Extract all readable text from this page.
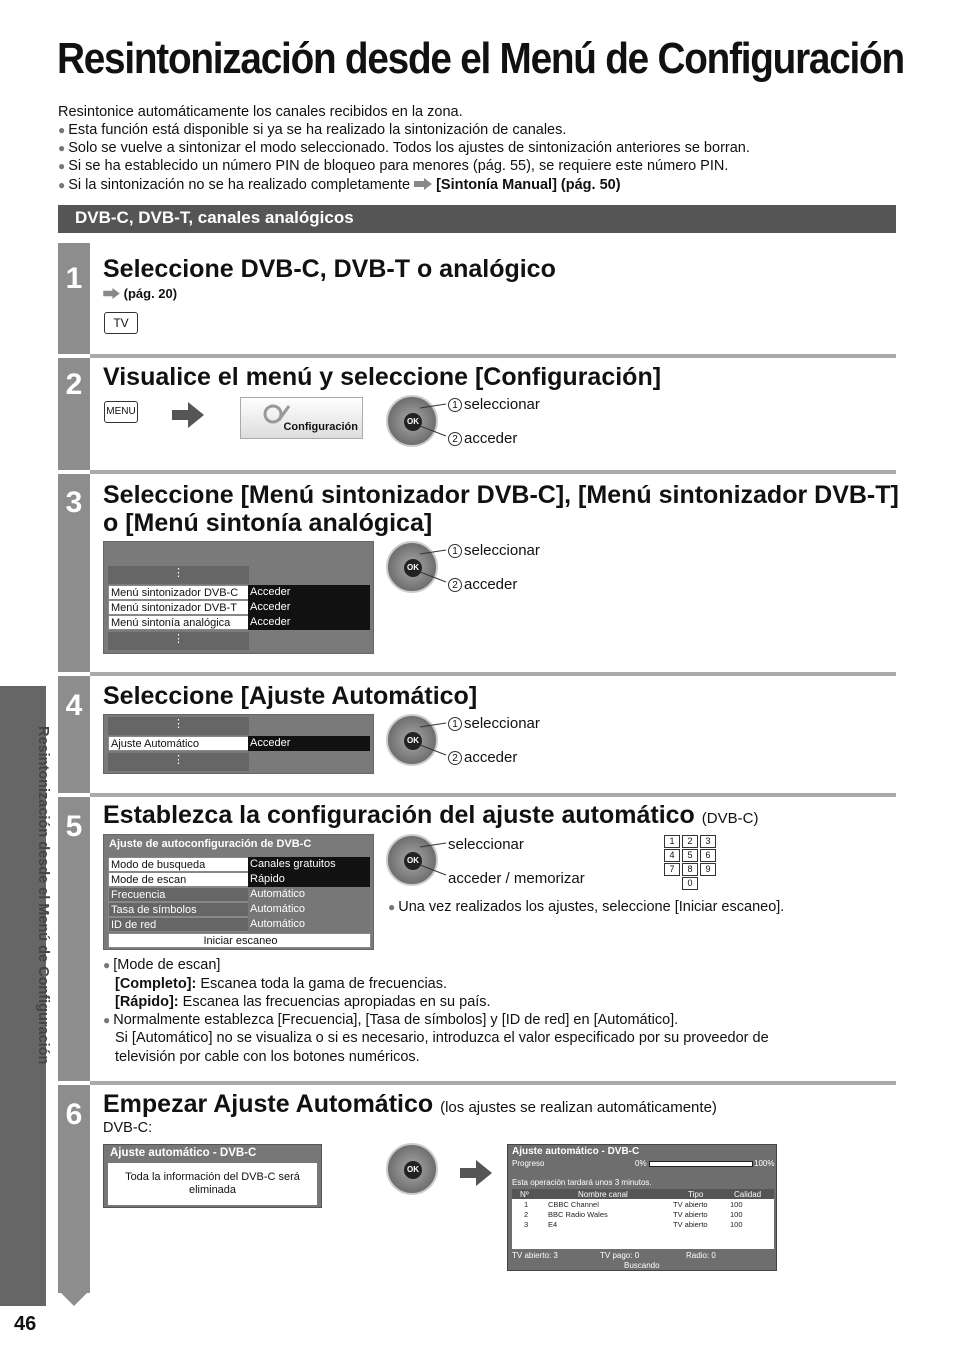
Resintonización desde el Menú de Configuración
Resintonice automáticamente los canales recibidos en la zona.
● Esta función está disponible si ya se ha realizado la sintonización de canales.
● Solo se vuelve a sintonizar el modo seleccionado. Todos los ajustes de sintonización anteriores se borran.
● Si se ha establecido un número PIN de bloqueo para menores (pág. 55), se requiere este número PIN.
● Si la sintonización no se ha realizado completamente [Sintonía Manual] (pág. 50)
DVB-C, DVB-T, canales analógicos
Resintonización desde el Menú de Configuración
46
1 Seleccione DVB-C, DVB-T o analógico
(pág. 20)
TV
2 Visualice el menú y seleccione [Configuración]
MENU
Configuración	OK
1 seleccionar
2 acceder
3 Seleccione [Menú sintonizador DVB-C], [Menú sintonizador DVB-T]
o [Menú sintonía analógica]
⋮
Menú sintonizador DVB-C	Acceder
Menú sintonizador DVB-T	Acceder
Menú sintonía analógica	Acceder
⋮
OK
1 seleccionar
2 acceder
4 Seleccione [Ajuste Automático]
⋮
Ajuste Automático	Acceder
⋮
OK
1 seleccionar
2 acceder
5 Establezca la configuración del ajuste automático (DVB-C)
Ajuste de autoconfiguración de DVB-C
Modo de busqueda	Canales gratuitos
Mode de escan	Rápido
Frecuencia	Automático
Tasa de símbolos	Automático
ID de red	Automático
Iniciar escaneo
OK
seleccionar
acceder / memorizar
1	2	3
4	5	6
7	8	9
0
● Una vez realizados los ajustes, seleccione [Iniciar escaneo].
● [Mode de escan]
[Completo]: Escanea toda la gama de frecuencias.
[Rápido]: Escanea las frecuencias apropiadas en su país.
● Normalmente establezca [Frecuencia], [Tasa de símbolos] y [ID de red] en [Automático].
Si [Automático] no se visualiza o si es necesario, introduzca el valor especificado por su proveedor de
televisión por cable con los botones numéricos.
6 Empezar Ajuste Automático (los ajustes se realizan automáticamente)
DVB-C:
Ajuste automático - DVB-C
Toda la información del DVB-C será
eliminada
OK
Ajuste automático - DVB-C
Progreso	0%	100%
Esta operación tardará unos 3 minutos.
Nº	Nombre canal	Tipo	Calidad
1	CBBC Channel	TV abierto	100
2	BBC Radio Wales	TV abierto	100
3	E4	TV abierto	100
TV abierto: 3	TV pago: 0	Radio: 0
Buscando
